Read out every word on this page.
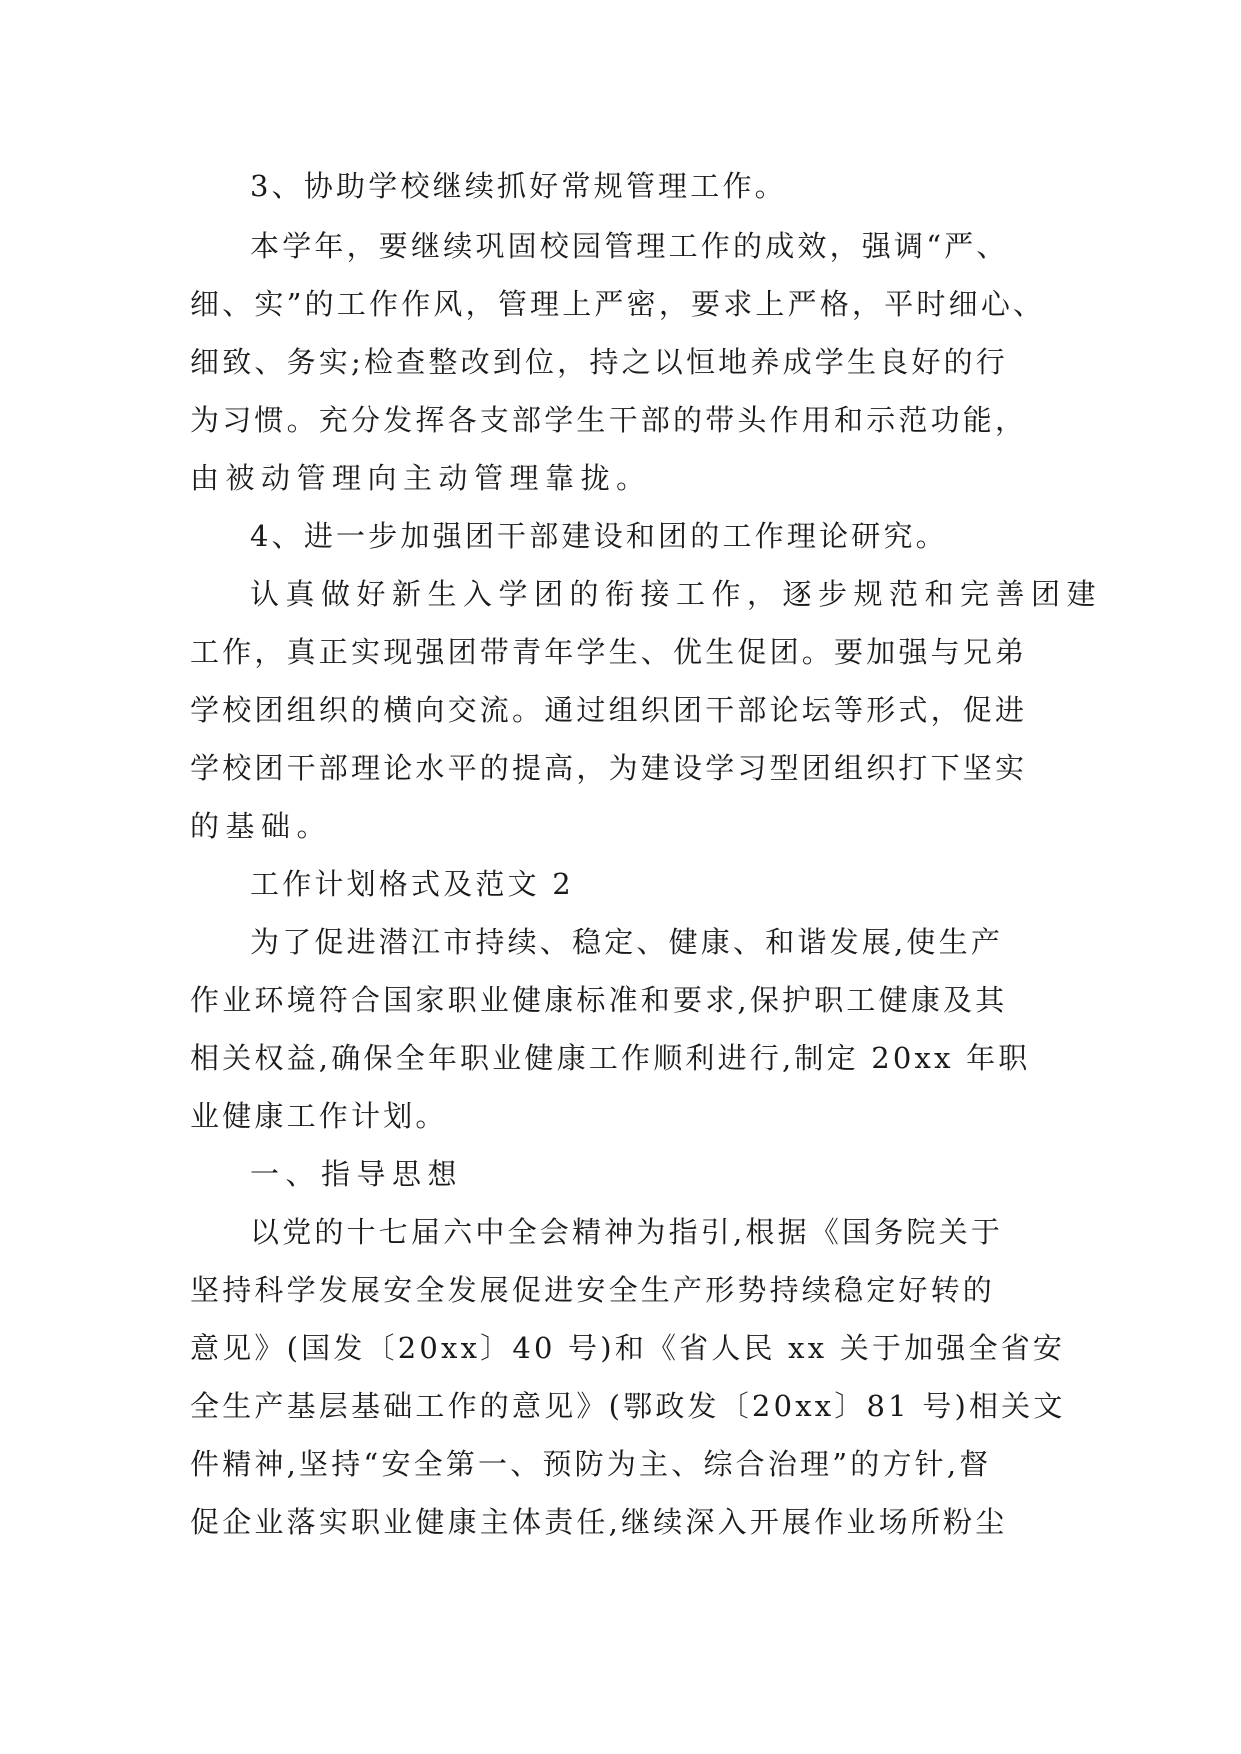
3、协助学校继续抓好常规管理工作。
本学年，要继续巩固校园管理工作的成效，强调“严、
细、实”的工作作风，管理上严密，要求上严格，平时细心、
细致、务实;检查整改到位，持之以恒地养成学生良好的行
为习惯。充分发挥各支部学生干部的带头作用和示范功能，
由被动管理向主动管理靠拢。
4、进一步加强团干部建设和团的工作理论研究。
认真做好新生入学团的衔接工作，逐步规范和完善团建
工作，真正实现强团带青年学生、优生促团。要加强与兄弟
学校团组织的横向交流。通过组织团干部论坛等形式，促进
学校团干部理论水平的提高，为建设学习型团组织打下坚实
的基础。
工作计划格式及范文 2
为了促进潜江市持续、稳定、健康、和谐发展,使生产
作业环境符合国家职业健康标准和要求,保护职工健康及其
相关权益,确保全年职业健康工作顺利进行,制定 20xx 年职
业健康工作计划。
一、指导思想
以党的十七届六中全会精神为指引,根据《国务院关于
坚持科学发展安全发展促进安全生产形势持续稳定好转的
意见》(国发〔20xx〕40 号)和《省人民 xx 关于加强全省安
全生产基层基础工作的意见》(鄂政发〔20xx〕81 号)相关文
件精神,坚持“安全第一、预防为主、综合治理”的方针,督
促企业落实职业健康主体责任,继续深入开展作业场所粉尘
